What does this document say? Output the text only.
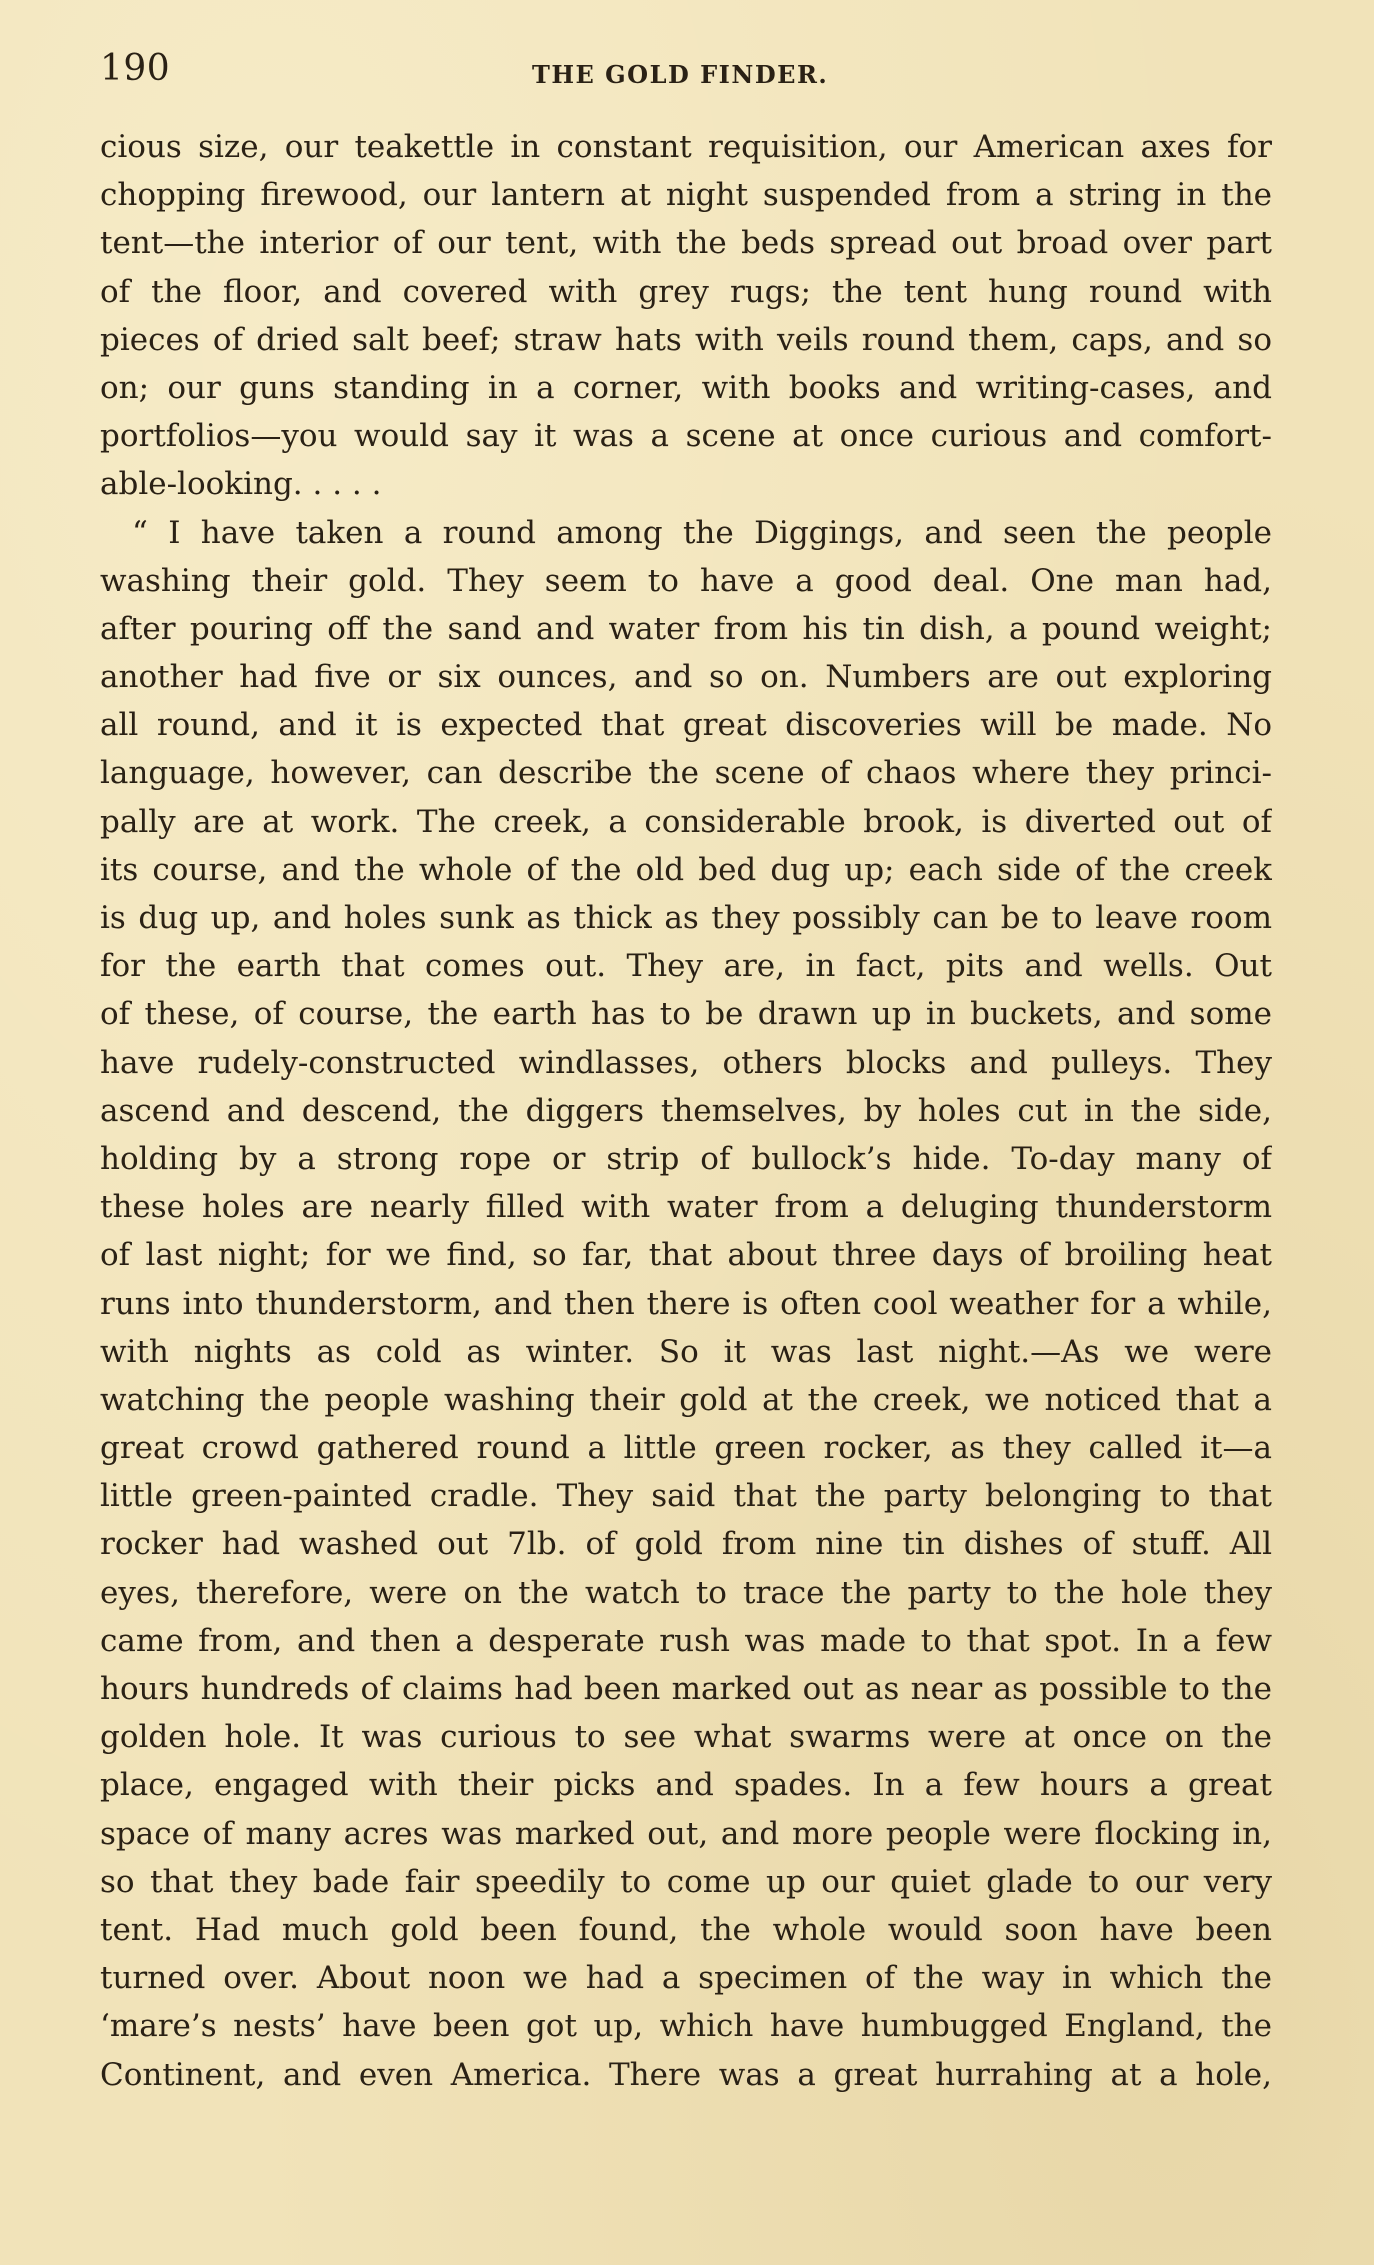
190	THE GOLD FINDER.
cious size, our teakettle in constant requisition, our American axes for
chopping firewood, our lantern at night suspended from a string in the
tent—the interior of our tent, with the beds spread out broad over part
of the floor, and covered with grey rugs; the tent hung round with
pieces of dried salt beef; straw hats with veils round them, caps, and so
on; our guns standing in a corner, with books and writing-cases, and
portfolios—you would say it was a scene at once curious and comfort-
able-looking. . . . .
“ I have taken a round among the Diggings, and seen the people
washing their gold. They seem to have a good deal. One man had,
after pouring off the sand and water from his tin dish, a pound weight;
another had five or six ounces, and so on. Numbers are out exploring
all round, and it is expected that great discoveries will be made. No
language, however, can describe the scene of chaos where they princi-
pally are at work. The creek, a considerable brook, is diverted out of
its course, and the whole of the old bed dug up; each side of the creek
is dug up, and holes sunk as thick as they possibly can be to leave room
for the earth that comes out. They are, in fact, pits and wells. Out
of these, of course, the earth has to be drawn up in buckets, and some
have rudely-constructed windlasses, others blocks and pulleys. They
ascend and descend, the diggers themselves, by holes cut in the side,
holding by a strong rope or strip of bullock’s hide. To-day many of
these holes are nearly filled with water from a deluging thunderstorm
of last night; for we find, so far, that about three days of broiling heat
runs into thunderstorm, and then there is often cool weather for a while,
with nights as cold as winter. So it was last night.—As we were
watching the people washing their gold at the creek, we noticed that a
great crowd gathered round a little green rocker, as they called it—a
little green-painted cradle. They said that the party belonging to that
rocker had washed out 7lb. of gold from nine tin dishes of stuff. All
eyes, therefore, were on the watch to trace the party to the hole they
came from, and then a desperate rush was made to that spot. In a few
hours hundreds of claims had been marked out as near as possible to the
golden hole. It was curious to see what swarms were at once on the
place, engaged with their picks and spades. In a few hours a great
space of many acres was marked out, and more people were flocking in,
so that they bade fair speedily to come up our quiet glade to our very
tent. Had much gold been found, the whole would soon have been
turned over. About noon we had a specimen of the way in which the
‘mare’s nests’ have been got up, which have humbugged England, the
Continent, and even America. There was a great hurrahing at a hole,
